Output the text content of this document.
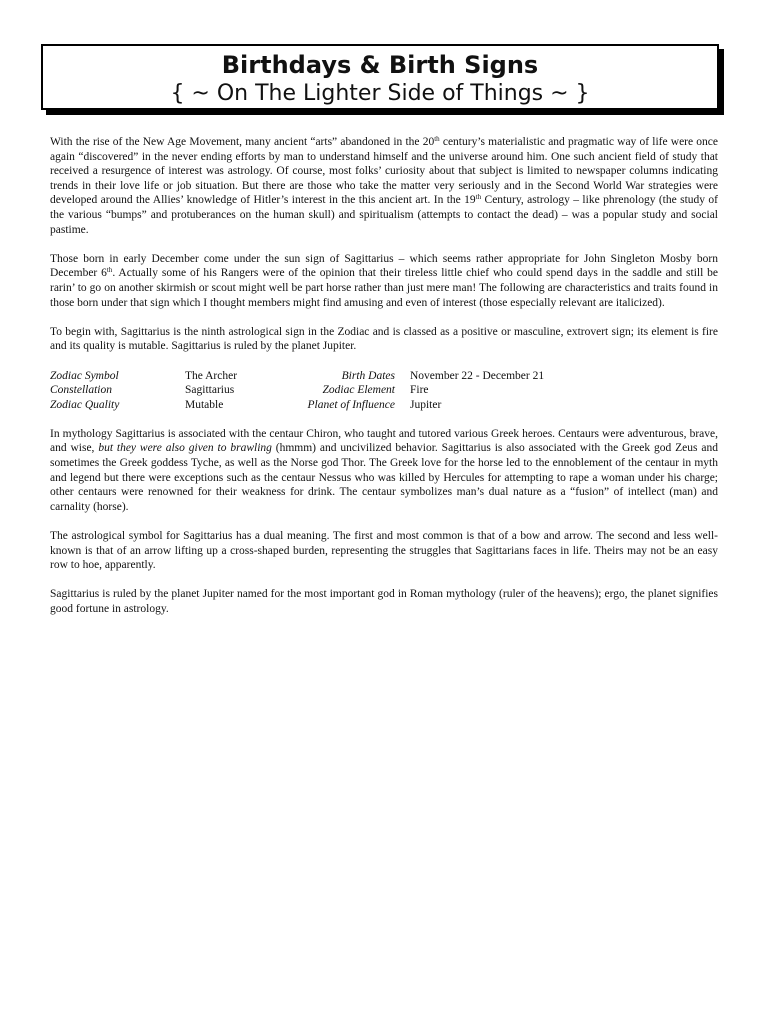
Birthdays & Birth Signs
{ ~ On The Lighter Side of Things ~ }

With the rise of the New Age Movement, many ancient “arts” abandoned in the 20th century’s materialistic and pragmatic way of life were once again “discovered” in the never ending efforts by man to understand himself and the universe around him. One such ancient field of study that received a resurgence of interest was astrology. Of course, most folks’ curiosity about that subject is limited to newspaper columns indicating trends in their love life or job situation. But there are those who take the matter very seriously and in the Second World War strategies were developed around the Allies’ knowledge of Hitler’s interest in the this ancient art. In the 19th Century, astrology – like phrenology (the study of the various “bumps” and protuberances on the human skull) and spiritualism (attempts to contact the dead) – was a popular study and social pastime.

Those born in early December come under the sun sign of Sagittarius – which seems rather appropriate for John Singleton Mosby born December 6th. Actually some of his Rangers were of the opinion that their tireless little chief who could spend days in the saddle and still be rarin’ to go on another skirmish or scout might well be part horse rather than just mere man! The following are characteristics and traits found in those born under that sign which I thought members might find amusing and even of interest (those especially relevant are italicized).

To begin with, Sagittarius is the ninth astrological sign in the Zodiac and is classed as a positive or masculine, extrovert sign; its element is fire and its quality is mutable. Sagittarius is ruled by the planet Jupiter.

Zodiac Symbol	The Archer	Birth Dates	November 22 - December 21
Constellation	Sagittarius	Zodiac Element	Fire
Zodiac Quality	Mutable	Planet of Influence	Jupiter

In mythology Sagittarius is associated with the centaur Chiron, who taught and tutored various Greek heroes. Centaurs were adventurous, brave, and wise, but they were also given to brawling (hmmm) and uncivilized behavior. Sagittarius is also associated with the Greek god Zeus and sometimes the Greek goddess Tyche, as well as the Norse god Thor. The Greek love for the horse led to the ennoblement of the centaur in myth and legend but there were exceptions such as the centaur Nessus who was killed by Hercules for attempting to rape a woman under his charge; other centaurs were renowned for their weakness for drink. The centaur symbolizes man’s dual nature as a “fusion” of intellect (man) and carnality (horse).

The astrological symbol for Sagittarius has a dual meaning. The first and most common is that of a bow and arrow. The second and less well-known is that of an arrow lifting up a cross-shaped burden, representing the struggles that Sagittarians faces in life. Theirs may not be an easy row to hoe, apparently.

Sagittarius is ruled by the planet Jupiter named for the most important god in Roman mythology (ruler of the heavens); ergo, the planet signifies good fortune in astrology.
